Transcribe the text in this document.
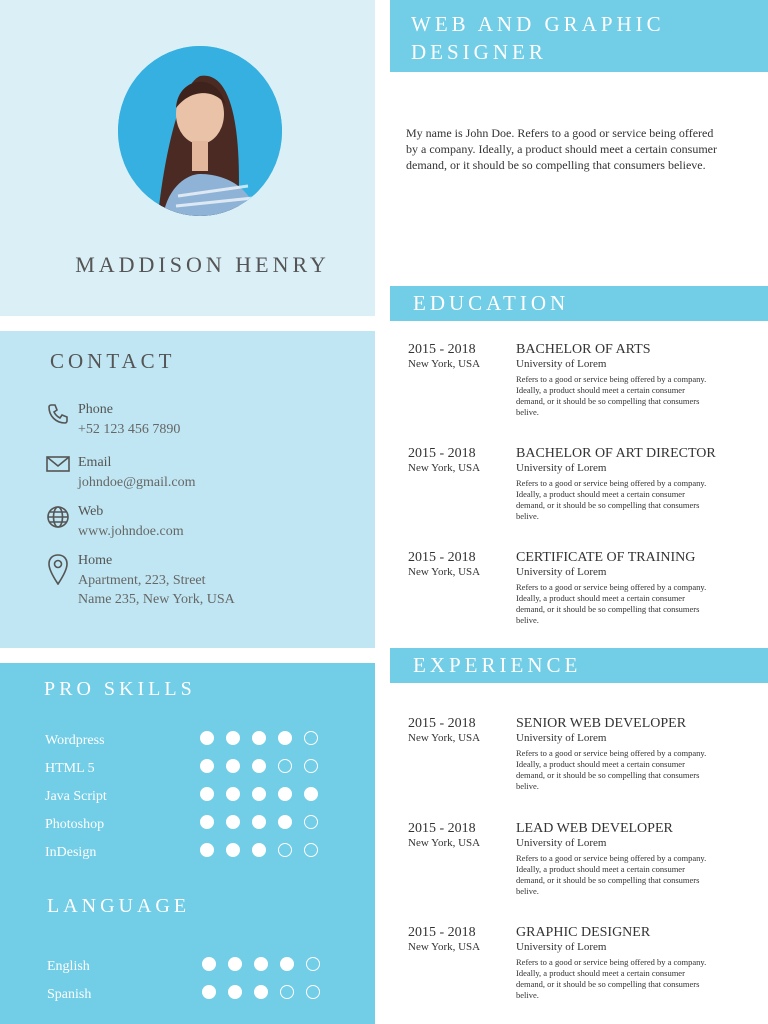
MADDISON HENRY
WEB AND GRAPHIC DESIGNER
My name is John Doe. Refers to a good or service being offered by a company. Ideally, a product should meet a certain consumer demand, or it should be so compelling that consumers believe.
CONTACT
Phone
+52 123 456 7890
Email
johndoe@gmail.com
Web
www.johndoe.com
Home
Apartment, 223, Street
Name 235, New York, USA
PRO SKILLS
Wordpress
HTML 5
Java Script
Photoshop
InDesign
LANGUAGE
English
Spanish
EDUCATION
2015 - 2018
New York, USA
BACHELOR OF ARTS
University of Lorem
Refers to a good or service being offered by a company. Ideally, a product should meet a certain consumer demand, or it should be so compelling that consumers belive.
2015 - 2018
New York, USA
BACHELOR OF ART DIRECTOR
University of Lorem
Refers to a good or service being offered by a company. Ideally, a product should meet a certain consumer demand, or it should be so compelling that consumers belive.
2015 - 2018
New York, USA
CERTIFICATE OF TRAINING
University of Lorem
Refers to a good or service being offered by a company. Ideally, a product should meet a certain consumer demand, or it should be so compelling that consumers belive.
EXPERIENCE
2015 - 2018
New York, USA
SENIOR WEB DEVELOPER
University of Lorem
Refers to a good or service being offered by a company. Ideally, a product should meet a certain consumer demand, or it should be so compelling that consumers belive.
2015 - 2018
New York, USA
LEAD WEB DEVELOPER
University of Lorem
Refers to a good or service being offered by a company. Ideally, a product should meet a certain consumer demand, or it should be so compelling that consumers belive.
2015 - 2018
New York, USA
GRAPHIC DESIGNER
University of Lorem
Refers to a good or service being offered by a company. Ideally, a product should meet a certain consumer demand, or it should be so compelling that consumers belive.
